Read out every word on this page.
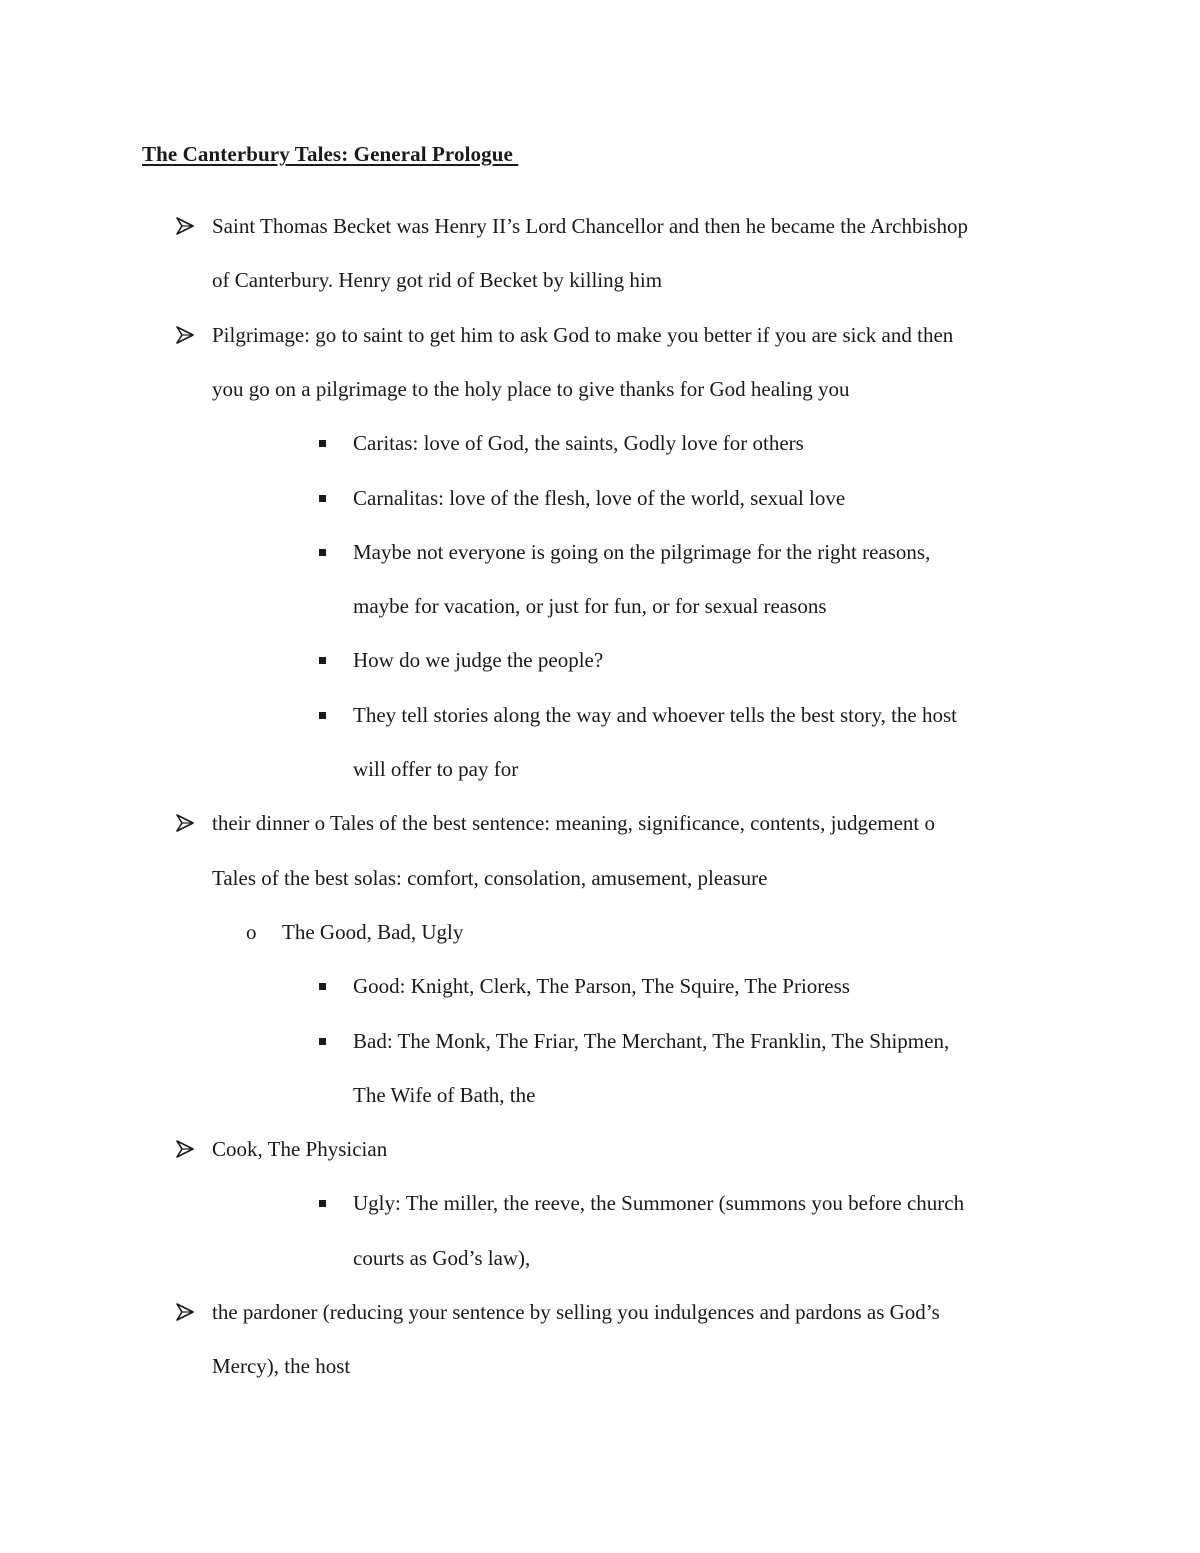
The Canterbury Tales: General Prologue
Saint Thomas Becket was Henry II’s Lord Chancellor and then he became the Archbishop
of Canterbury. Henry got rid of Becket by killing him
Pilgrimage: go to saint to get him to ask God to make you better if you are sick and then
you go on a pilgrimage to the holy place to give thanks for God healing you
Caritas: love of God, the saints, Godly love for others
Carnalitas: love of the flesh, love of the world, sexual love
Maybe not everyone is going on the pilgrimage for the right reasons,
maybe for vacation, or just for fun, or for sexual reasons
How do we judge the people?
They tell stories along the way and whoever tells the best story, the host
will offer to pay for
their dinner o Tales of the best sentence: meaning, significance, contents, judgement o
Tales of the best solas: comfort, consolation, amusement, pleasure
o The Good, Bad, Ugly
Good: Knight, Clerk, The Parson, The Squire, The Prioress
Bad: The Monk, The Friar, The Merchant, The Franklin, The Shipmen,
The Wife of Bath, the
Cook, The Physician
Ugly: The miller, the reeve, the Summoner (summons you before church
courts as God’s law),
the pardoner (reducing your sentence by selling you indulgences and pardons as God’s
Mercy), the host
